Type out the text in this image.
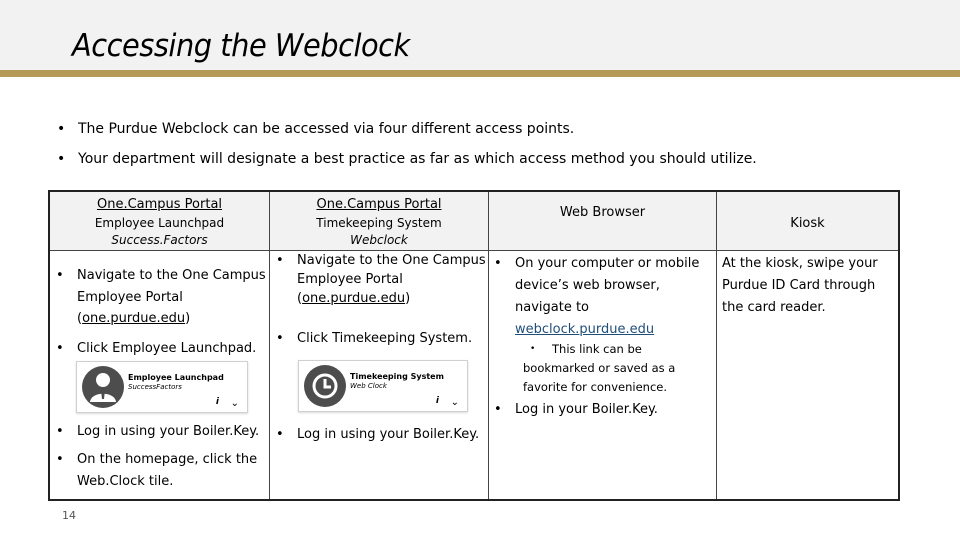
Accessing the Webclock
• The Purdue Webclock can be accessed via four different access points.
• Your department will designate a best practice as far as which access method you should utilize.
One.Campus Portal
Employee Launchpad
Success.Factors
One.Campus Portal
Timekeeping System
Webclock
Web Browser
Kiosk
• Navigate to the One Campus
Employee Portal
(one.purdue.edu)
• Click Employee Launchpad.
Employee Launchpad
SuccessFactors
i ⌄
• Log in using your Boiler.Key.
• On the homepage, click the
Web.Clock tile.
• Navigate to the One Campus
Employee Portal
(one.purdue.edu)
• Click Timekeeping System.
Timekeeping System
Web Clock
i ⌄
• Log in using your Boiler.Key.
• On your computer or mobile
device’s web browser,
navigate to
webclock.purdue.edu
• This link can be
bookmarked or saved as a
favorite for convenience.
• Log in your Boiler.Key.
At the kiosk, swipe your
Purdue ID Card through
the card reader.
14
